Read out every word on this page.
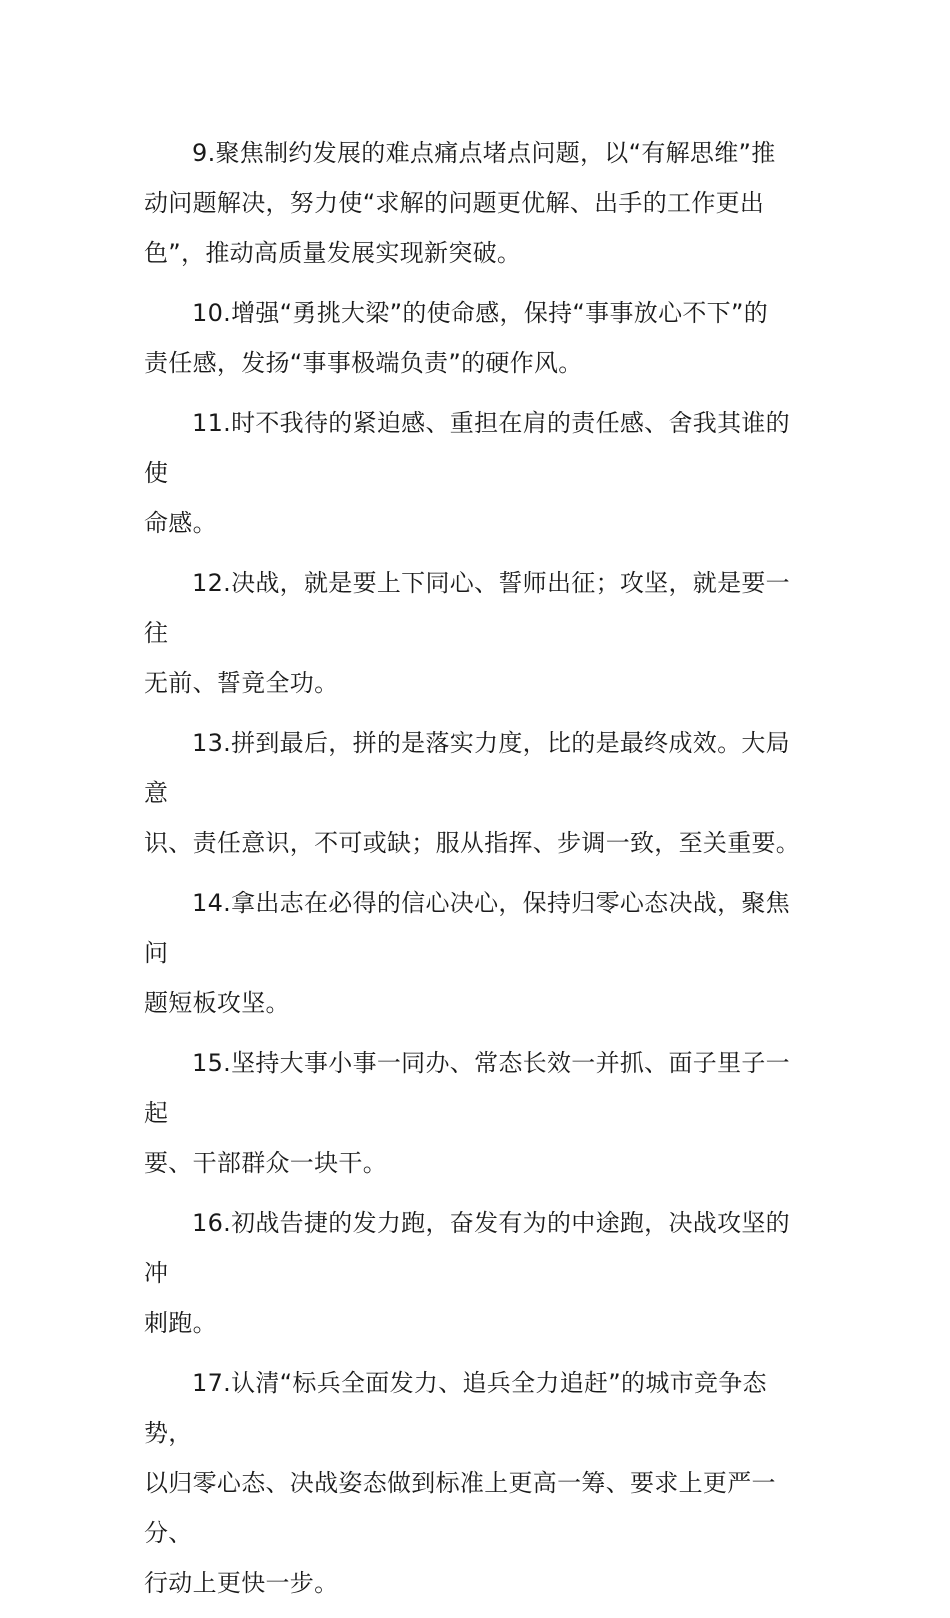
9.聚焦制约发展的难点痛点堵点问题，以“有解思维”推
动问题解决，努力使“求解的问题更优解、出手的工作更出
色”，推动高质量发展实现新突破。

10.增强“勇挑大梁”的使命感，保持“事事放心不下”的
责任感，发扬“事事极端负责”的硬作风。

11.时不我待的紧迫感、重担在肩的责任感、舍我其谁的使
命感。

12.决战，就是要上下同心、誓师出征；攻坚，就是要一往
无前、誓竟全功。

13.拼到最后，拼的是落实力度，比的是最终成效。大局意
识、责任意识，不可或缺；服从指挥、步调一致，至关重要。

14.拿出志在必得的信心决心，保持归零心态决战，聚焦问
题短板攻坚。

15.坚持大事小事一同办、常态长效一并抓、面子里子一起
要、干部群众一块干。

16.初战告捷的发力跑，奋发有为的中途跑，决战攻坚的冲
刺跑。

17.认清“标兵全面发力、追兵全力追赶”的城市竞争态势，
以归零心态、决战姿态做到标准上更高一筹、要求上更严一分、
行动上更快一步。
